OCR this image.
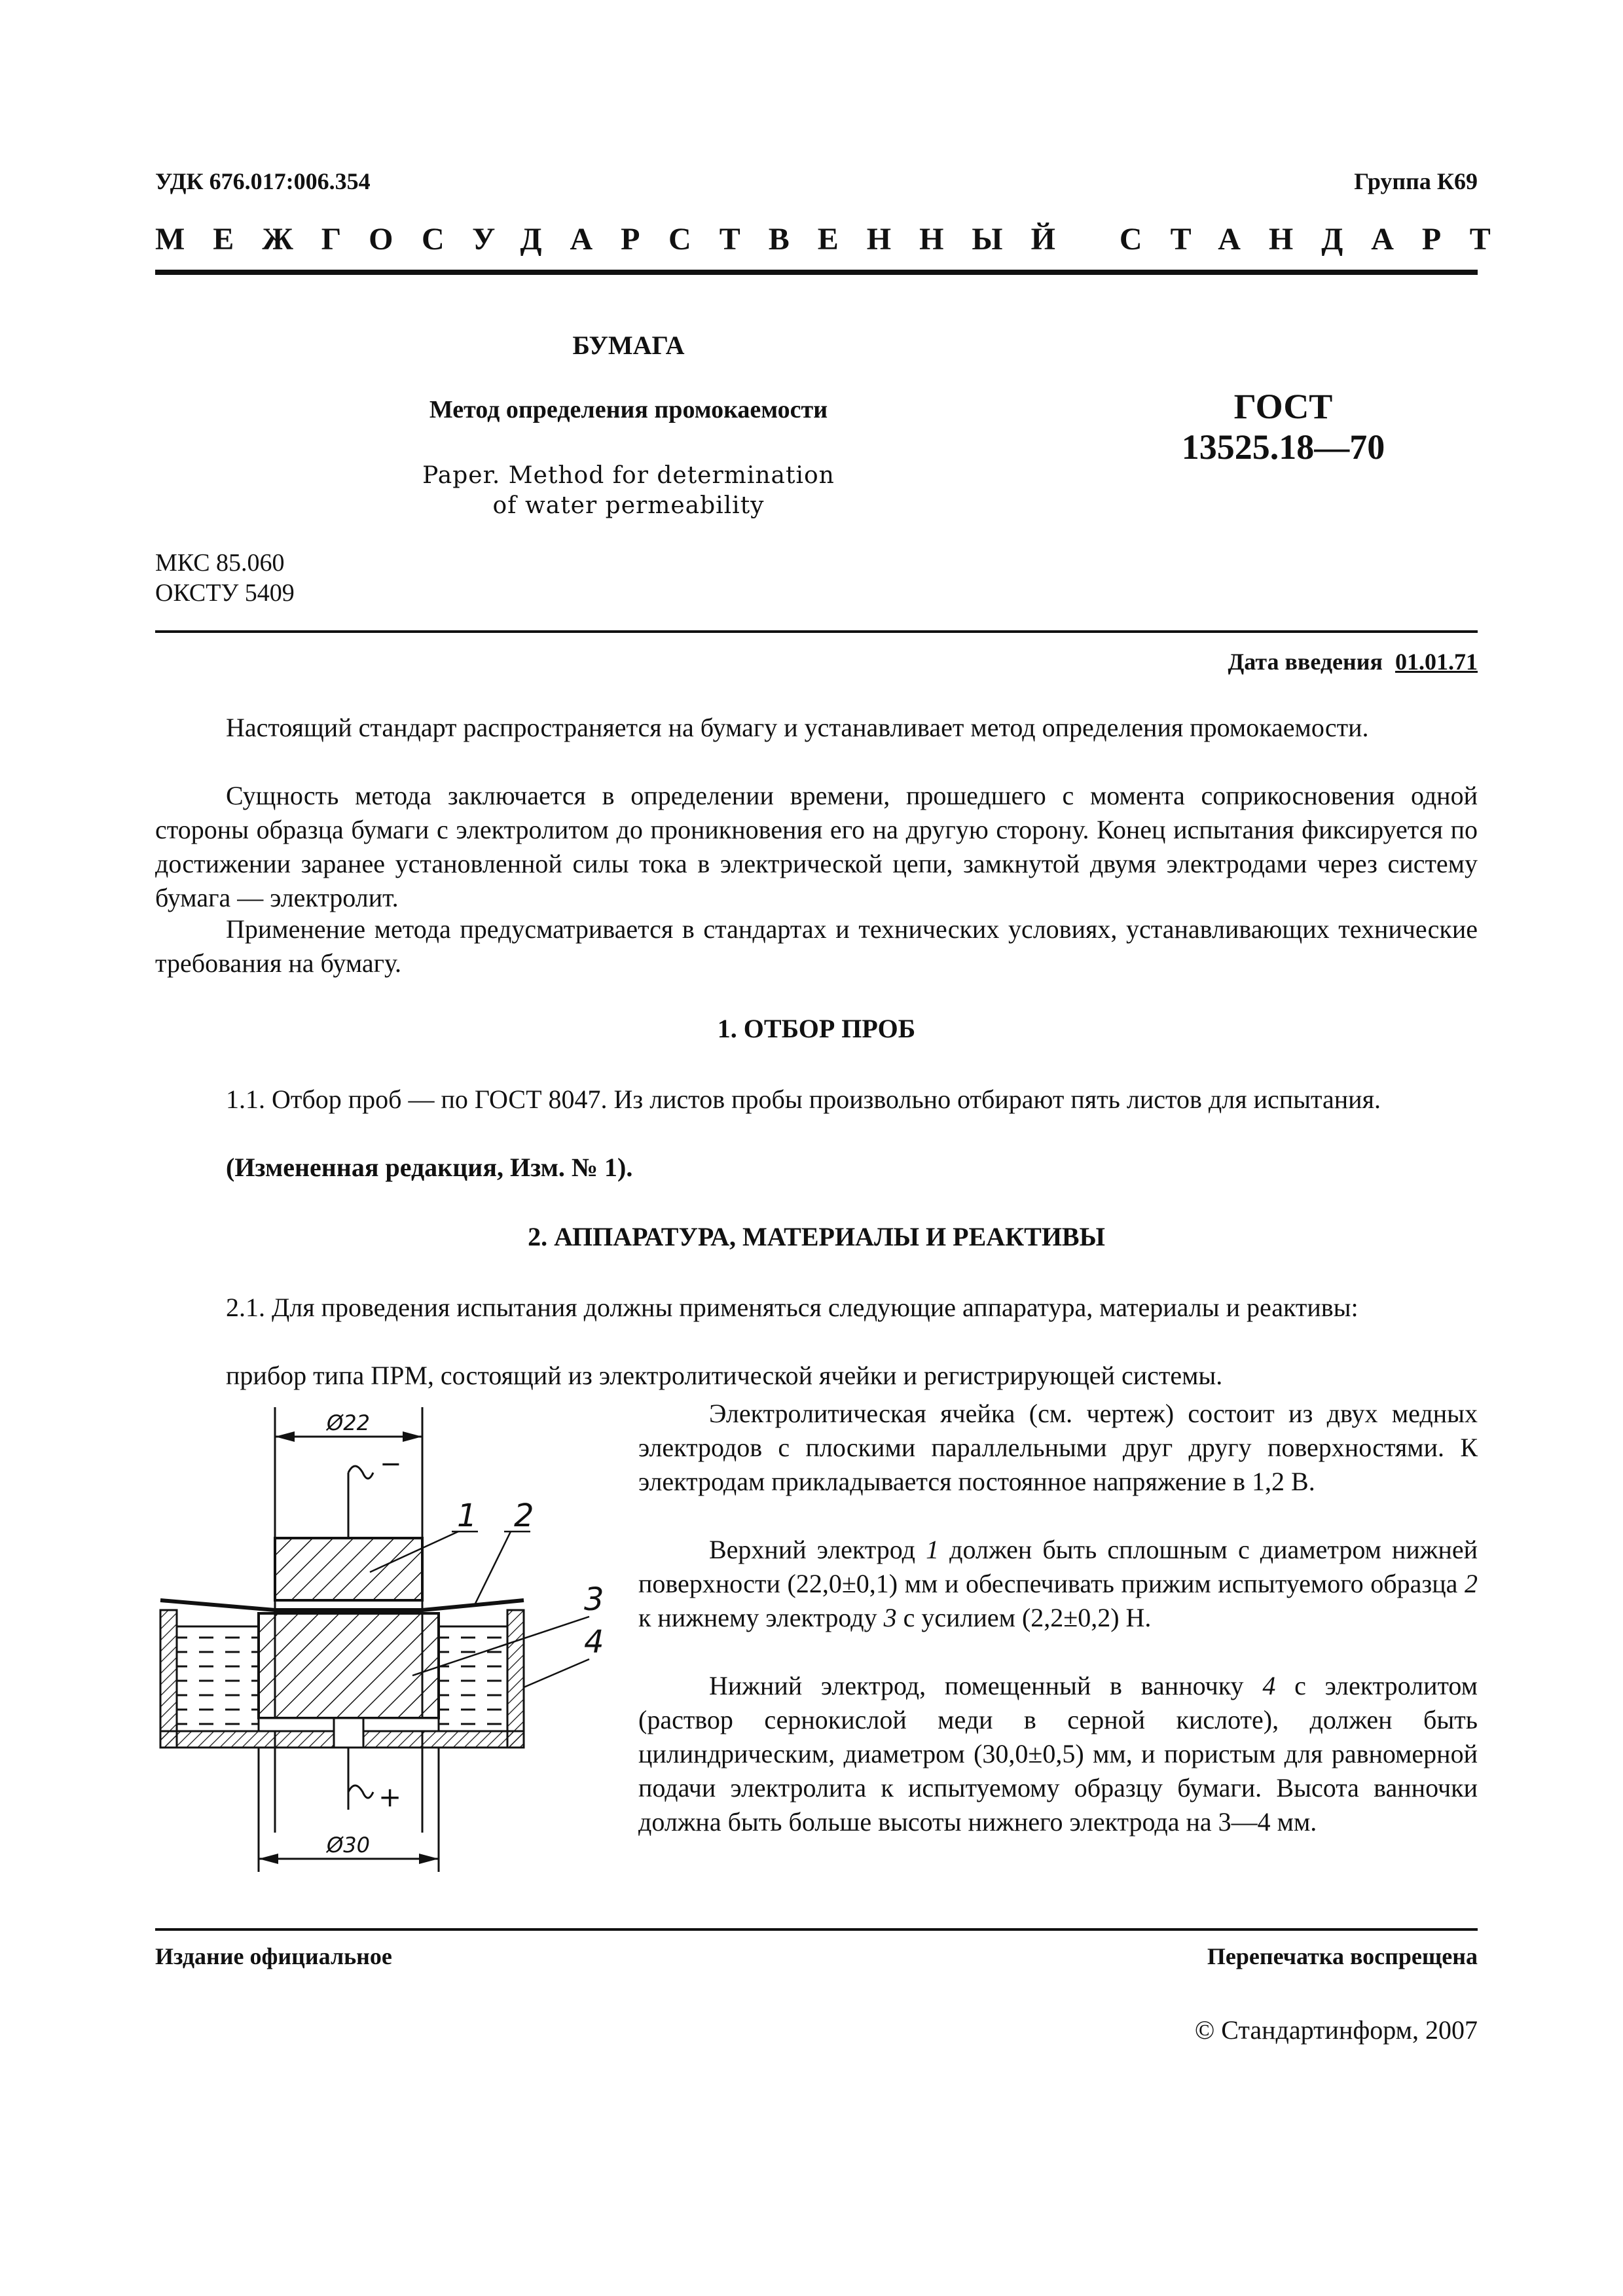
УДК 676.017:006.354	Группа К69
МЕЖГОСУДАРСТВЕННЫЙ СТАНДАРТ
БУМАГА
Метод определения промокаемости
Paper. Method for determination
of water permeability
ГОСТ
13525.18—70
МКС 85.060
ОКСТУ 5409
Дата введения 01.01.71

Настоящий стандарт распространяется на бумагу и устанавливает метод определения промокаемости.

Сущность метода заключается в определении времени, прошедшего с момента соприкосновения одной стороны образца бумаги с электролитом до проникновения его на другую сторону. Конец испытания фиксируется по достижении заранее установленной силы тока в электрической цепи, замкнутой двумя электродами через систему бумага — электролит.

Применение метода предусматривается в стандартах и технических условиях, устанавливающих технические требования на бумагу.

1. ОТБОР ПРОБ

1.1. Отбор проб — по ГОСТ 8047. Из листов пробы произвольно отбирают пять листов для испытания.

(Измененная редакция, Изм. № 1).

2. АППАРАТУРА, МАТЕРИАЛЫ И РЕАКТИВЫ

2.1. Для проведения испытания должны применяться следующие аппаратура, материалы и реактивы:

прибор типа ПРМ, состоящий из электролитической ячейки и регистрирующей системы.

Ø22
−
+
Ø30
1 2
3
4

Электролитическая ячейка (см. чертеж) состоит из двух медных электродов с плоскими параллельными друг другу поверхностями. К электродам прикладывается постоянное напряжение в 1,2 В.

Верхний электрод 1 должен быть сплошным с диаметром нижней поверхности (22,0±0,1) мм и обеспечивать прижим испытуемого образца 2 к нижнему электроду 3 с усилием (2,2±0,2) Н.

Нижний электрод, помещенный в ванночку 4 с электролитом (раствор сернокислой меди в серной кислоте), должен быть цилиндрическим, диаметром (30,0±0,5) мм, и пористым для равномерной подачи электролита к испытуемому образцу бумаги. Высота ванночки должна быть больше высоты нижнего электрода на 3—4 мм.

Издание официальное	Перепечатка воспрещена
© Стандартинформ, 2007
